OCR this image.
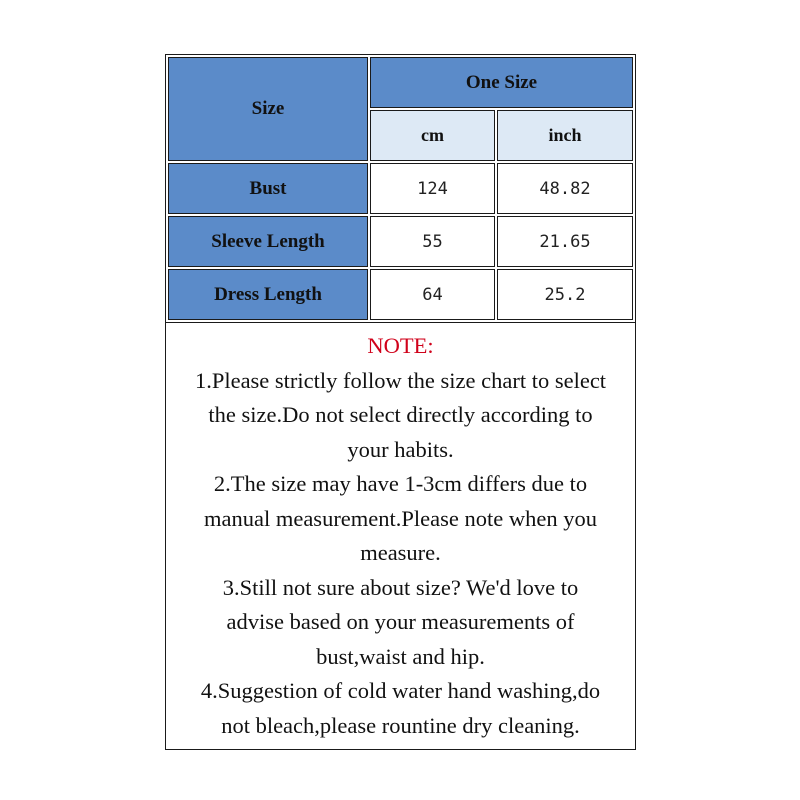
Size	One Size	
	cm	inch
Bust	124	48.82
Sleeve Length	55	21.65
Dress Length	64	25.2
NOTE:
1.Please strictly follow the size chart to select
the size.Do not select directly according to
your habits.
2.The size may have 1-3cm differs due to
manual measurement.Please note when you
measure.
3.Still not sure about size? We'd love to
advise based on your measurements of
bust,waist and hip.
4.Suggestion of cold water hand washing,do
not bleach,please rountine dry cleaning.
